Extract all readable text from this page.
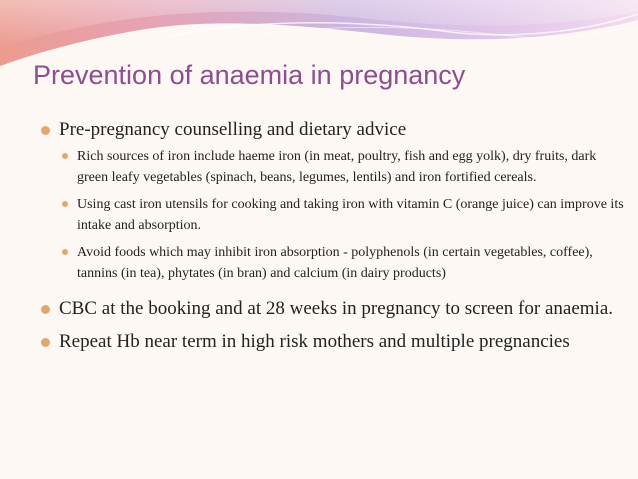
Prevention of anaemia in pregnancy
Pre-pregnancy counselling and dietary advice
Rich sources of iron include haeme iron (in meat, poultry, fish and egg yolk), dry fruits, dark green leafy vegetables (spinach, beans, legumes, lentils) and iron fortified cereals.
Using cast iron utensils for cooking and taking iron with vitamin C (orange juice) can improve its intake and absorption.
Avoid foods which may inhibit iron absorption - polyphenols (in certain vegetables, coffee), tannins (in tea), phytates (in bran) and calcium (in dairy products)
CBC at the booking and at 28 weeks in pregnancy to screen for anaemia.
Repeat Hb near term in high risk mothers and multiple pregnancies
